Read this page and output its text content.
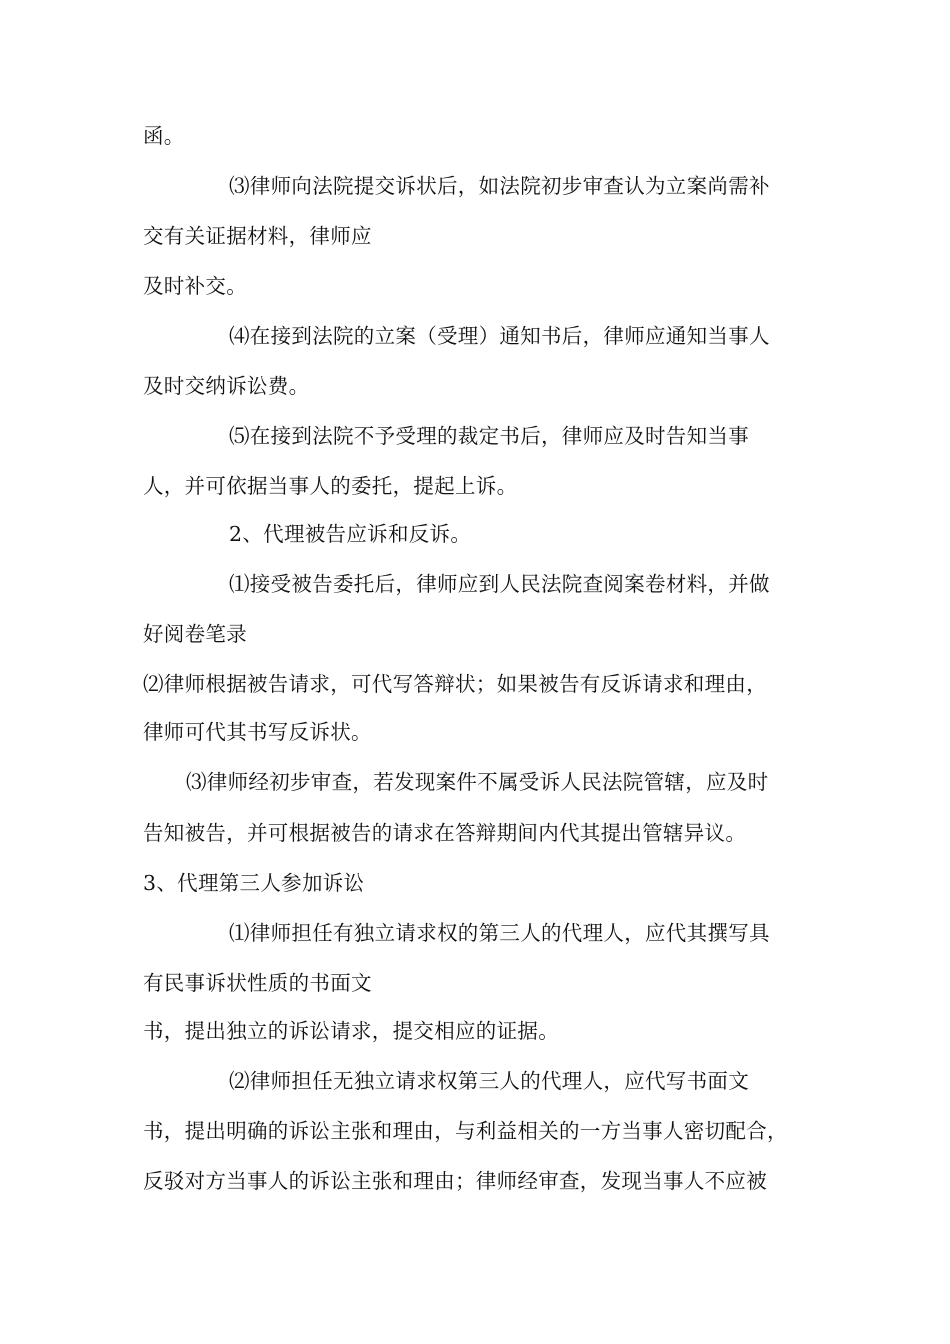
函。
⑶律师向法院提交诉状后，如法院初步审查认为立案尚需补
交有关证据材料，律师应
及时补交。
⑷在接到法院的立案（受理）通知书后，律师应通知当事人
及时交纳诉讼费。
⑸在接到法院不予受理的裁定书后，律师应及时告知当事
人，并可依据当事人的委托，提起上诉。
2、代理被告应诉和反诉。
⑴接受被告委托后，律师应到人民法院查阅案卷材料，并做
好阅卷笔录
⑵律师根据被告请求，可代写答辩状；如果被告有反诉请求和理由，
律师可代其书写反诉状。
⑶律师经初步审查，若发现案件不属受诉人民法院管辖，应及时
告知被告，并可根据被告的请求在答辩期间内代其提出管辖异议。
3、代理第三人参加诉讼
⑴律师担任有独立请求权的第三人的代理人，应代其撰写具
有民事诉状性质的书面文
书，提出独立的诉讼请求，提交相应的证据。
⑵律师担任无独立请求权第三人的代理人，应代写书面文
书，提出明确的诉讼主张和理由，与利益相关的一方当事人密切配合，
反驳对方当事人的诉讼主张和理由；律师经审查，发现当事人不应被
